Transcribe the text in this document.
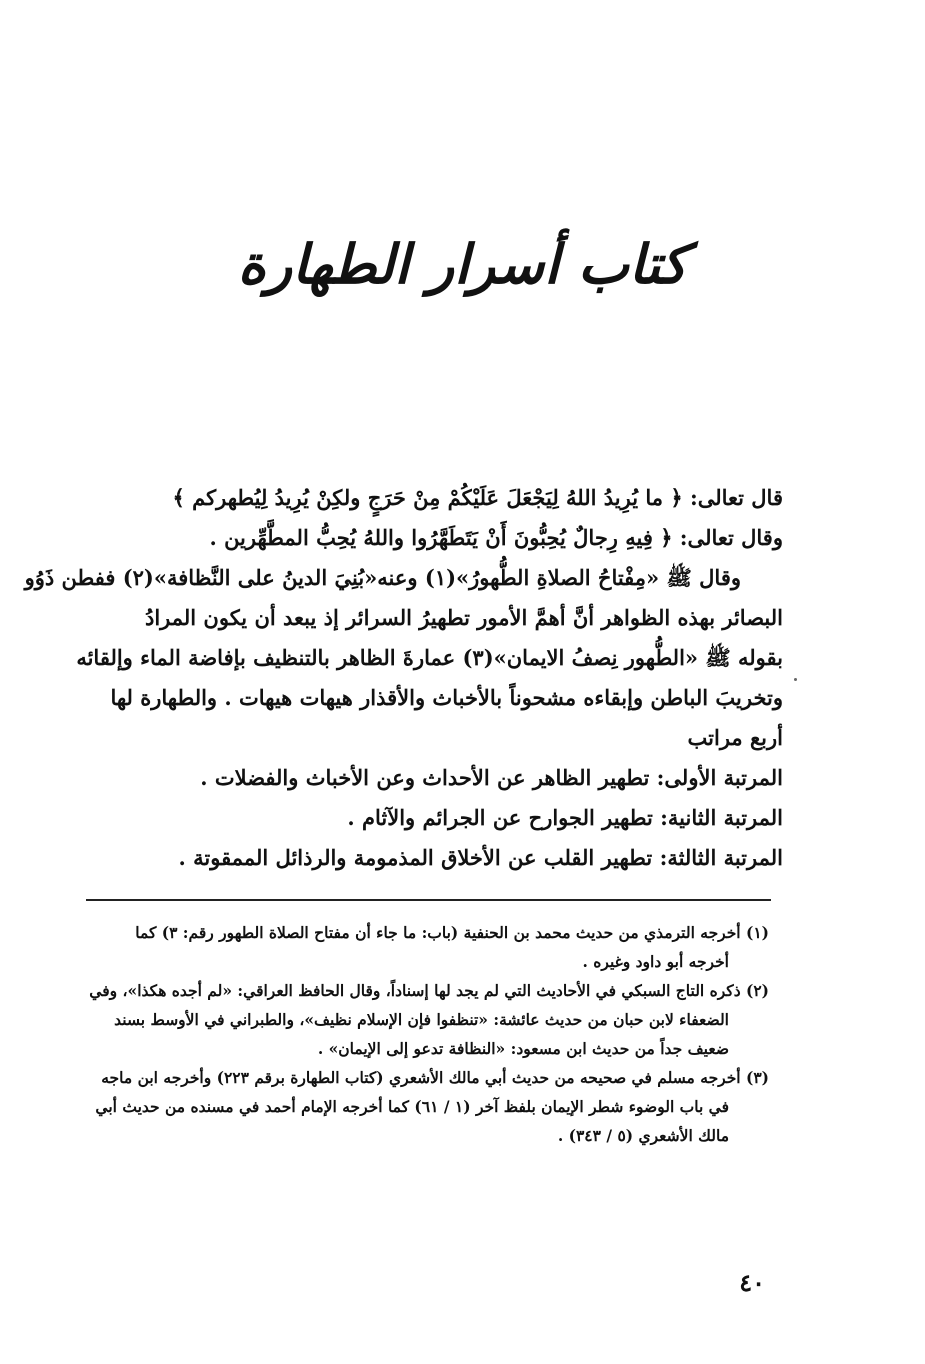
كتاب أسرار الطهارة
قال تعالى: ﴿ ما يُرِيدُ اللهُ لِيَجْعَلَ عَلَيْكُمْ مِنْ حَرَجٍ ولكِنْ يُرِيدُ لِيُطهركم ﴾
وقال تعالى: ﴿ فِيهِ رِجالٌ يُحِبُّونَ أَنْ يَتَطَهَّرُوا واللهُ يُحِبُّ المطَّهِّرين .
وقال ﷺ «مِفْتاحُ الصلاةِ الطُّهورُ»(١) وعنه«بُنِيَ الدينُ على النَّظافة»(٢) ففطن ذَوُو
البصائر بهذه الظواهر أنَّ أهمَّ الأمور تطهيرُ السرائر إذ يبعد أن يكون المرادُ
بقوله ﷺ «الطُّهور نِصفُ الايمان»(٣) عمارةَ الظاهر بالتنظيف بإفاضة الماء وإلقائه
وتخريبَ الباطن وإبقاءه مشحوناً بالأخباث والأقذار هيهات هيهات . والطهارة لها
أربع مراتب
المرتبة الأولى: تطهير الظاهر عن الأحداث وعن الأخباث والفضلات .
المرتبة الثانية: تطهير الجوارح عن الجرائم والآثام .
المرتبة الثالثة: تطهير القلب عن الأخلاق المذمومة والرذائل الممقوتة .
(١) أخرجه الترمذي من حديث محمد بن الحنفية (باب: ما جاء أن مفتاح الصلاة الطهور رقم: ٣) كما
أخرجه أبو داود وغيره .
(٢) ذكره التاج السبكي في الأحاديث التي لم يجد لها إسناداً، وقال الحافظ العراقي: «لم أجده هكذا»، وفي
الضعفاء لابن حبان من حديث عائشة: «تنظفوا فإن الإسلام نظيف»، والطبراني في الأوسط بسند
ضعيف جداً من حديث ابن مسعود: «النظافة تدعو إلى الإيمان» .
(٣) أخرجه مسلم في صحيحه من حديث أبي مالك الأشعري (كتاب الطهارة برقم ٢٢٣) وأخرجه ابن ماجه
في باب الوضوء شطر الإيمان بلفظ آخر (١ / ٦١) كما أخرجه الإمام أحمد في مسنده من حديث أبي
مالك الأشعري (٥ / ٣٤٣) .
٤٠
